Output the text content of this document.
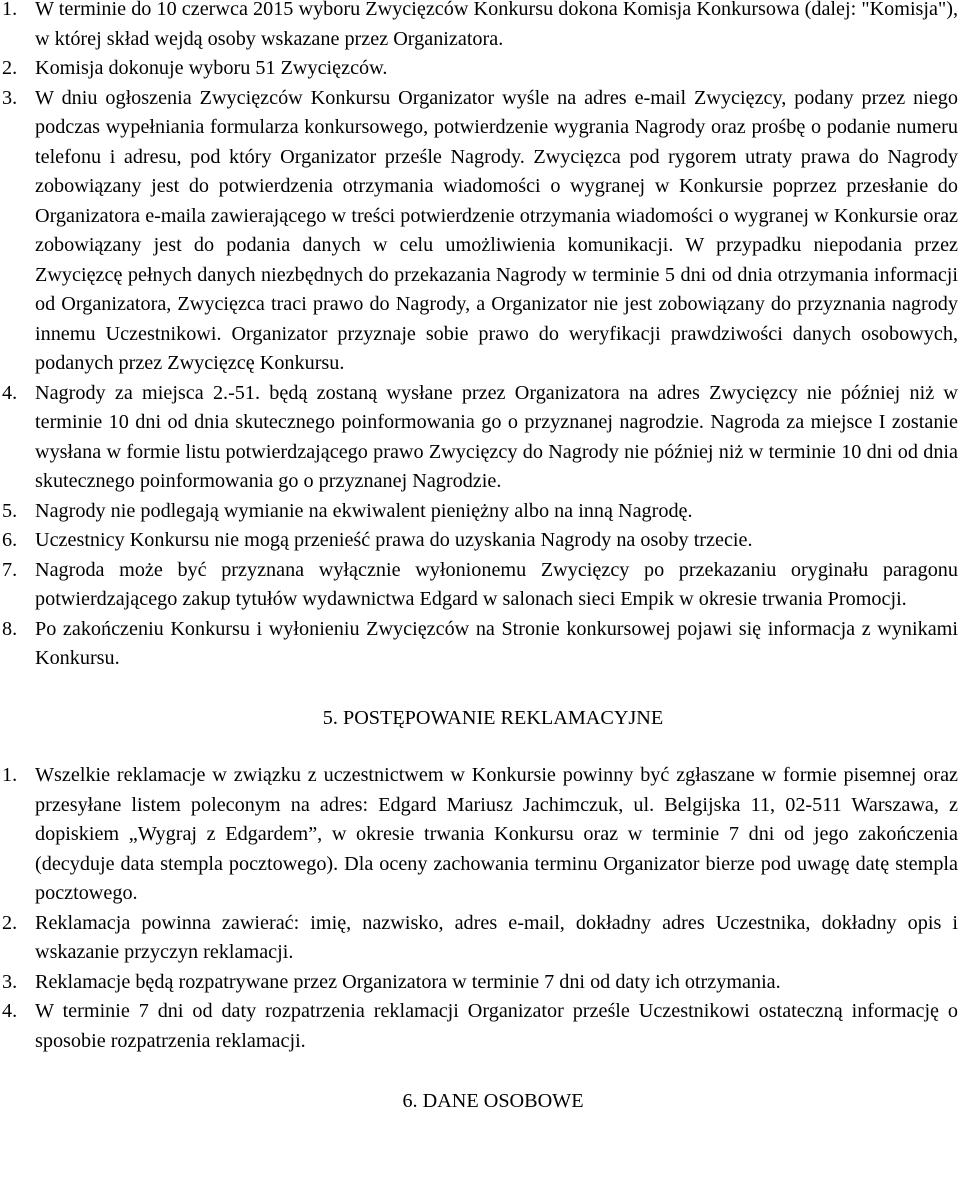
1. W terminie do 10 czerwca 2015 wyboru Zwycięzców Konkursu dokona Komisja Konkursowa (dalej: "Komisja"), w której skład wejdą osoby wskazane przez Organizatora.
2. Komisja dokonuje wyboru 51 Zwycięzców.
3. W dniu ogłoszenia Zwycięzców Konkursu Organizator wyśle na adres e-mail Zwycięzcy, podany przez niego podczas wypełniania formularza konkursowego, potwierdzenie wygrania Nagrody oraz prośbę o podanie numeru telefonu i adresu, pod który Organizator prześle Nagrody. Zwycięzca pod rygorem utraty prawa do Nagrody zobowiązany jest do potwierdzenia otrzymania wiadomości o wygranej w Konkursie poprzez przesłanie do Organizatora e-maila zawierającego w treści potwierdzenie otrzymania wiadomości o wygranej w Konkursie oraz zobowiązany jest do podania danych w celu umożliwienia komunikacji. W przypadku niepodania przez Zwycięzcę pełnych danych niezbędnych do przekazania Nagrody w terminie 5 dni od dnia otrzymania informacji od Organizatora, Zwycięzca traci prawo do Nagrody, a Organizator nie jest zobowiązany do przyznania nagrody innemu Uczestnikowi. Organizator przyznaje sobie prawo do weryfikacji prawdziwości danych osobowych, podanych przez Zwycięzcę Konkursu.
4. Nagrody za miejsca 2.-51. będą zostaną wysłane przez Organizatora na adres Zwycięzcy nie później niż w terminie 10 dni od dnia skutecznego poinformowania go o przyznanej nagrodzie. Nagroda za miejsce I zostanie wysłana w formie listu potwierdzającego prawo Zwycięzcy do Nagrody nie później niż w terminie 10 dni od dnia skutecznego poinformowania go o przyznanej Nagrodzie.
5. Nagrody nie podlegają wymianie na ekwiwalent pieniężny albo na inną Nagrodę.
6. Uczestnicy Konkursu nie mogą przenieść prawa do uzyskania Nagrody na osoby trzecie.
7. Nagroda może być przyznana wyłącznie wyłonionemu Zwycięzcy po przekazaniu oryginału paragonu potwierdzającego zakup tytułów wydawnictwa Edgard w salonach sieci Empik w okresie trwania Promocji.
8. Po zakończeniu Konkursu i wyłonieniu Zwycięzców na Stronie konkursowej pojawi się informacja z wynikami Konkursu.
5. POSTĘPOWANIE REKLAMACYJNE
1. Wszelkie reklamacje w związku z uczestnictwem w Konkursie powinny być zgłaszane w formie pisemnej oraz przesyłane listem poleconym na adres: Edgard Mariusz Jachimczuk, ul. Belgijska 11, 02-511 Warszawa, z dopiskiem „Wygraj z Edgardem”, w okresie trwania Konkursu oraz w terminie 7 dni od jego zakończenia (decyduje data stempla pocztowego). Dla oceny zachowania terminu Organizator bierze pod uwagę datę stempla pocztowego.
2. Reklamacja powinna zawierać: imię, nazwisko, adres e-mail, dokładny adres Uczestnika, dokładny opis i wskazanie przyczyn reklamacji.
3. Reklamacje będą rozpatrywane przez Organizatora w terminie 7 dni od daty ich otrzymania.
4. W terminie 7 dni od daty rozpatrzenia reklamacji Organizator prześle Uczestnikowi ostateczną informację o sposobie rozpatrzenia reklamacji.
6. DANE OSOBOWE
